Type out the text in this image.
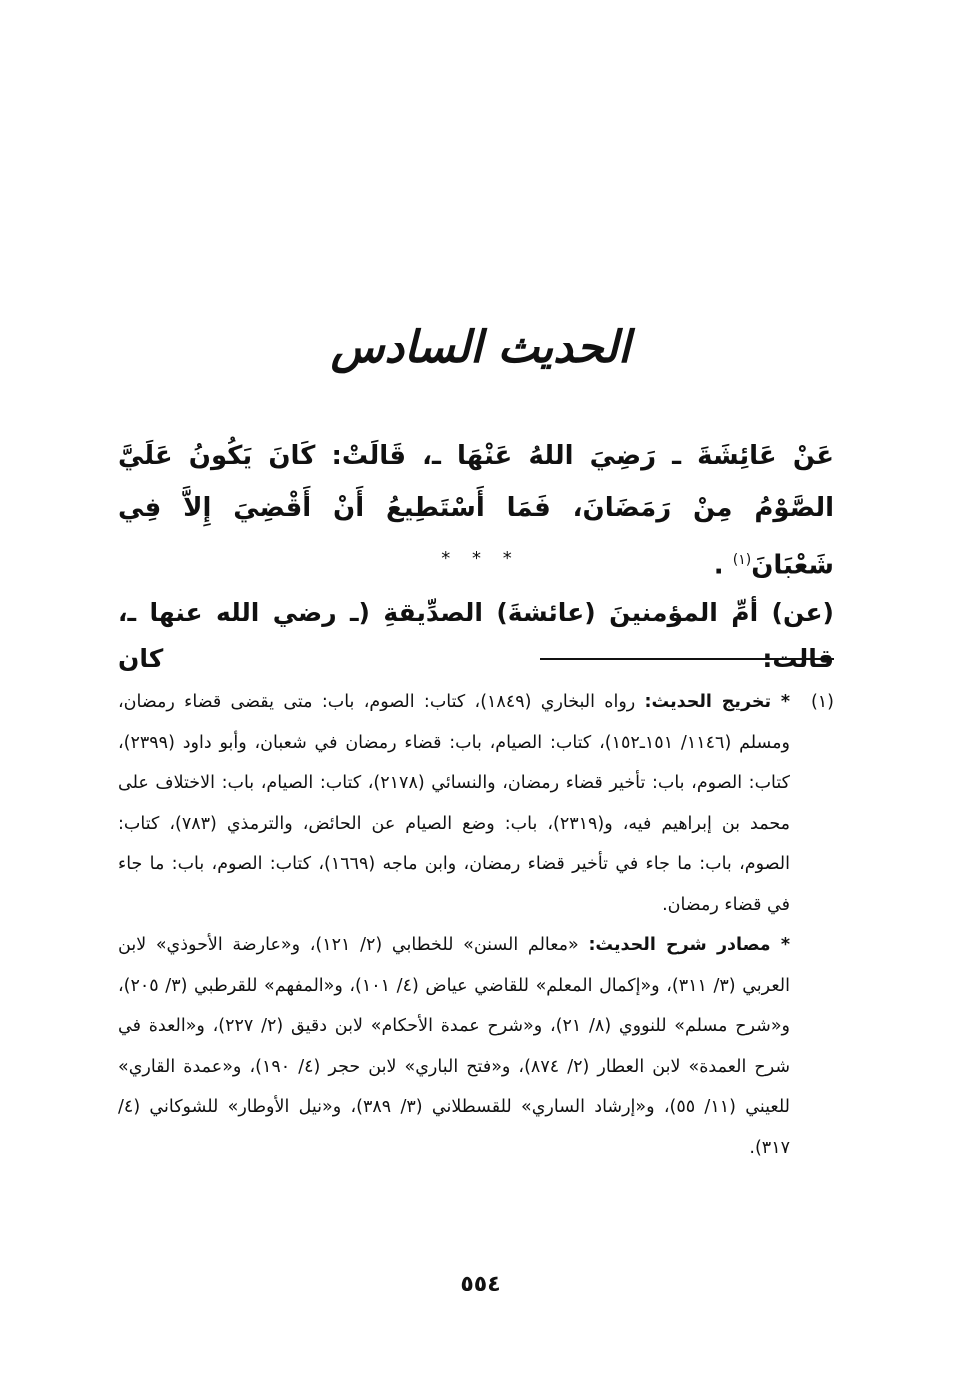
الحديث السادس
عَنْ عَائِشَةَ ـ رَضِيَ اللهُ عَنْهَا ـ، قَالَتْ: كَانَ يَكُونُ عَلَيَّ الصَّوْمُ مِنْ رَمَضَانَ، فَمَا أَسْتَطِيعُ أَنْ أَقْضِيَ إِلاَّ فِي شَعْبَانَ$^{(١)}$ .
* * *
(عن) أمِّ المؤمنينَ (عائشةَ) الصدِّيقةِ (ـ رضي الله عنها ـ، قالت: كان
(١)
* تخريج الحديث: رواه البخاري (١٨٤٩)، كتاب: الصوم، باب: متى يقضى قضاء رمضان، ومسلم (١١٤٦/ ١٥١ـ١٥٢)، كتاب: الصيام، باب: قضاء رمضان في شعبان، وأبو داود (٢٣٩٩)، كتاب: الصوم، باب: تأخير قضاء رمضان، والنسائي (٢١٧٨)، كتاب: الصيام، باب: الاختلاف على محمد بن إبراهيم فيه، و(٢٣١٩)، باب: وضع الصيام عن الحائض، والترمذي (٧٨٣)، كتاب: الصوم، باب: ما جاء في تأخير قضاء رمضان، وابن ماجه (١٦٦٩)، كتاب: الصوم، باب: ما جاء في قضاء رمضان.
* مصادر شرح الحديث: «معالم السنن» للخطابي (٢/ ١٢١)، و«عارضة الأحوذي» لابن العربي (٣/ ٣١١)، و«إكمال المعلم» للقاضي عياض (٤/ ١٠١)، و«المفهم» للقرطبي (٣/ ٢٠٥)، و«شرح مسلم» للنووي (٨/ ٢١)، و«شرح عمدة الأحكام» لابن دقيق (٢/ ٢٢٧)، و«العدة في شرح العمدة» لابن العطار (٢/ ٨٧٤)، و«فتح الباري» لابن حجر (٤/ ١٩٠)، و«عمدة القاري» للعيني (١١/ ٥٥)، و«إرشاد الساري» للقسطلاني (٣/ ٣٨٩)، و«نيل الأوطار» للشوكاني (٤/ ٣١٧).
٥٥٤
